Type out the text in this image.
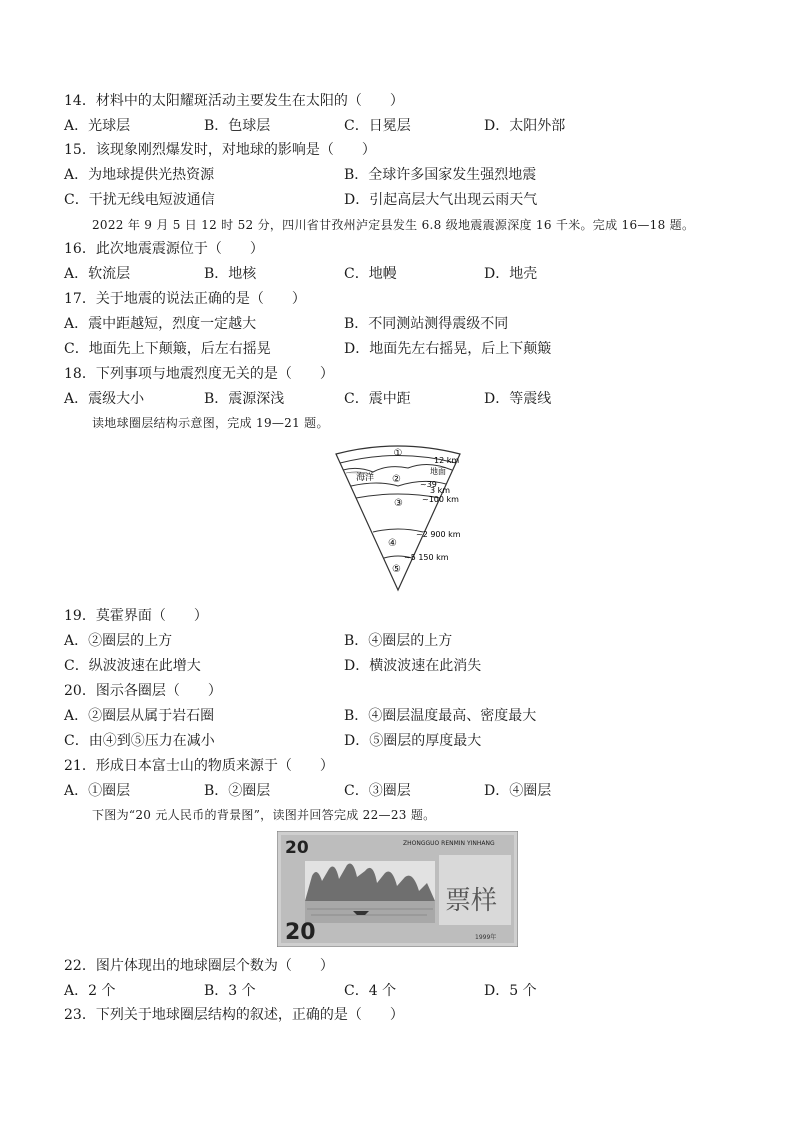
14．材料中的太阳耀斑活动主要发生在太阳的（　　）
A．光球层	B．色球层	C．日冕层	D．太阳外部
15．该现象刚烈爆发时，对地球的影响是（　　）
A．为地球提供光热资源	B．全球许多国家发生强烈地震
C．干扰无线电短波通信	D．引起高层大气出现云雨天气
2022 年 9 月 5 日 12 时 52 分，四川省甘孜州泸定县发生 6.8 级地震震源深度 16 千米。完成 16—18 题。
16．此次地震震源位于（　　）
A．软流层	B．地核	C．地幔	D．地壳
17．关于地震的说法正确的是（　　）
A．震中距越短，烈度一定越大	B．不同测站测得震级不同
C．地面先上下颠簸，后左右摇晃	D．地面先左右摇晃，后上下颠簸
18．下列事项与地震烈度无关的是（　　）
A．震级大小	B．震源深浅	C．震中距	D．等震线
读地球圈层结构示意图，完成 19—21 题。
①
海洋 ②
③
④
⑤
12 km
地面
~39
3 km
~100 km
~2 900 km
~5 150 km
19．莫霍界面（　　）
A．②圈层的上方	B．④圈层的上方
C．纵波波速在此增大	D．横波波速在此消失
20．图示各圈层（　　）
A．②圈层从属于岩石圈	B．④圈层温度最高、密度最大
C．由④到⑤压力在减小	D．⑤圈层的厚度最大
21．形成日本富士山的物质来源于（　　）
A．①圈层	B．②圈层	C．③圈层	D．④圈层
下图为“20 元人民币的背景图”，读图并回答完成 22—23 题。
20
20
ZHONGGUO RENMIN YINHANG
票样
1999年
22．图片体现出的地球圈层个数为（　　）
A．2 个	B．3 个	C．4 个	D．5 个
23．下列关于地球圈层结构的叙述，正确的是（　　）
